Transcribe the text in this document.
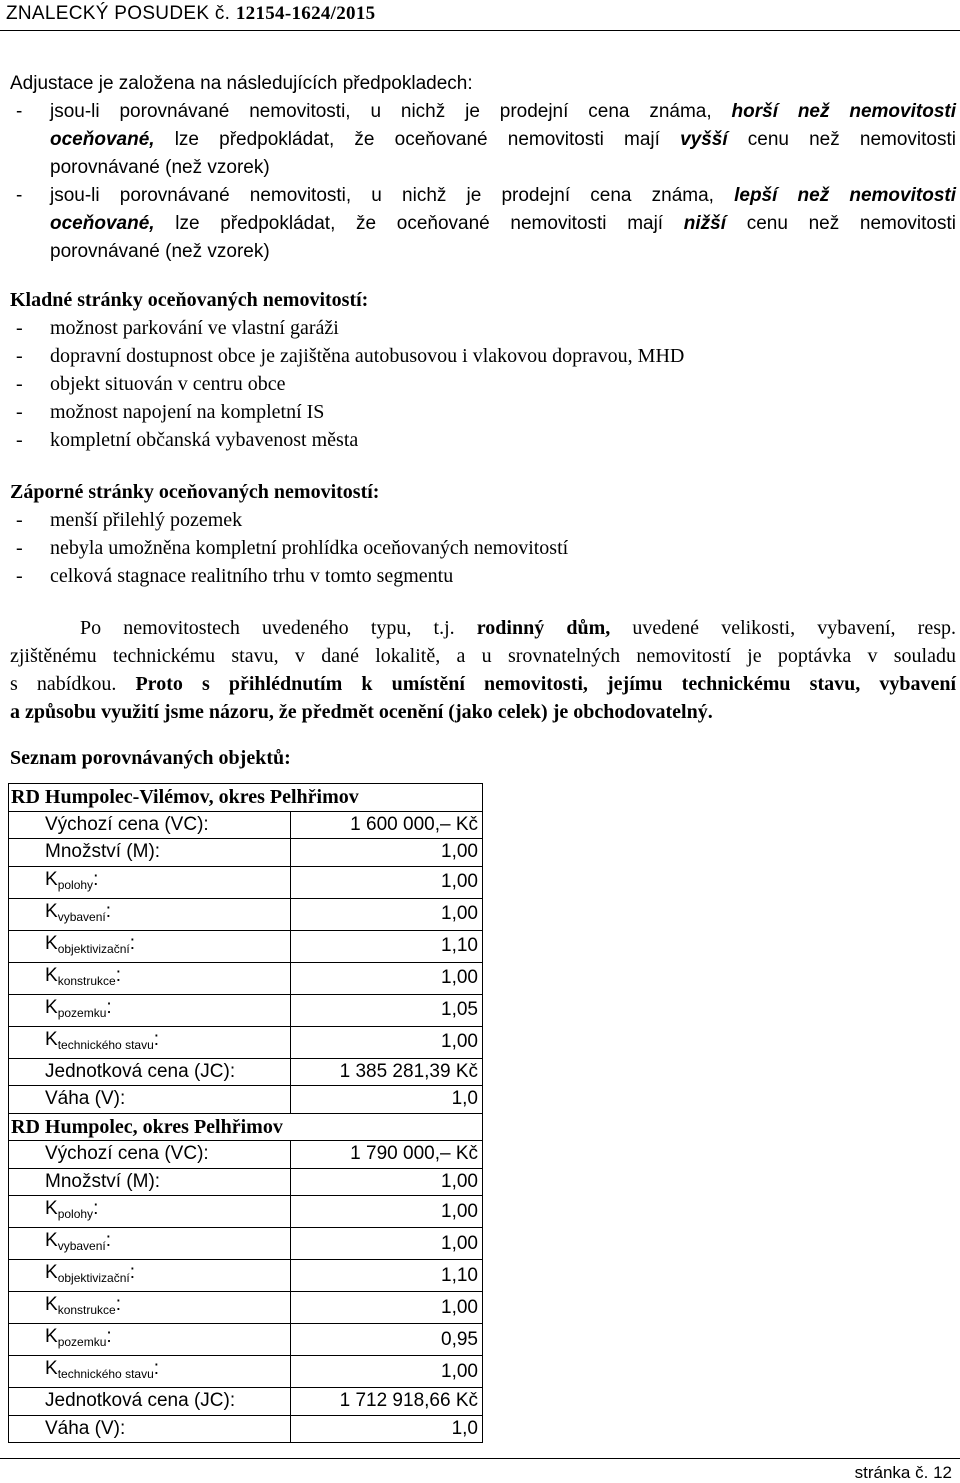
ZNALECKÝ POSUDEK č. 12154-1624/2015
Adjustace je založena na následujících předpokladech:
-	jsou-li porovnávané nemovitosti, u nichž je prodejní cena známa, horší než nemovitosti
oceňované, lze předpokládat, že oceňované nemovitosti mají vyšší cenu než nemovitosti
porovnávané (než vzorek)
-	jsou-li porovnávané nemovitosti, u nichž je prodejní cena známa, lepší než nemovitosti
oceňované, lze předpokládat, že oceňované nemovitosti mají nižší cenu než nemovitosti
porovnávané (než vzorek)
Kladné stránky oceňovaných nemovitostí:
-	možnost parkování ve vlastní garáži
-	dopravní dostupnost obce je zajištěna autobusovou i vlakovou dopravou, MHD
-	objekt situován v centru obce
-	možnost napojení na kompletní IS
-	kompletní občanská vybavenost města
Záporné stránky oceňovaných nemovitostí:
-	menší přilehlý pozemek
-	nebyla umožněna kompletní prohlídka oceňovaných nemovitostí
-	celková stagnace realitního trhu v tomto segmentu
Po nemovitostech uvedeného typu, t.j. rodinný dům, uvedené velikosti, vybavení, resp.
zjištěnému technickému stavu, v dané lokalitě, a u srovnatelných nemovitostí je poptávka v souladu
s nabídkou. Proto s přihlédnutím k umístění nemovitosti, jejímu technickému stavu, vybavení
a způsobu využití jsme názoru, že předmět ocenění (jako celek) je obchodovatelný.
Seznam porovnávaných objektů:
RD Humpolec-Vilémov, okres Pelhřimov	
Výchozí cena (VC):	1 600 000,– Kč
Množství (M):	1,00
$K_{polohy}$:	1,00
$K_{vybavení}$:	1,00
$K_{objektivizační}$:	1,10
$K_{konstrukce}$:	1,00
$K_{pozemku}$:	1,05
$K_{technického stavu}$:	1,00
Jednotková cena (JC):	1 385 281,39 Kč
Váha (V):	1,0
RD Humpolec, okres Pelhřimov	
Výchozí cena (VC):	1 790 000,– Kč
Množství (M):	1,00
$K_{polohy}$:	1,00
$K_{vybavení}$:	1,00
$K_{objektivizační}$:	1,10
$K_{konstrukce}$:	1,00
$K_{pozemku}$:	0,95
$K_{technického stavu}$:	1,00
Jednotková cena (JC):	1 712 918,66 Kč
Váha (V):	1,0
stránka č. 12
